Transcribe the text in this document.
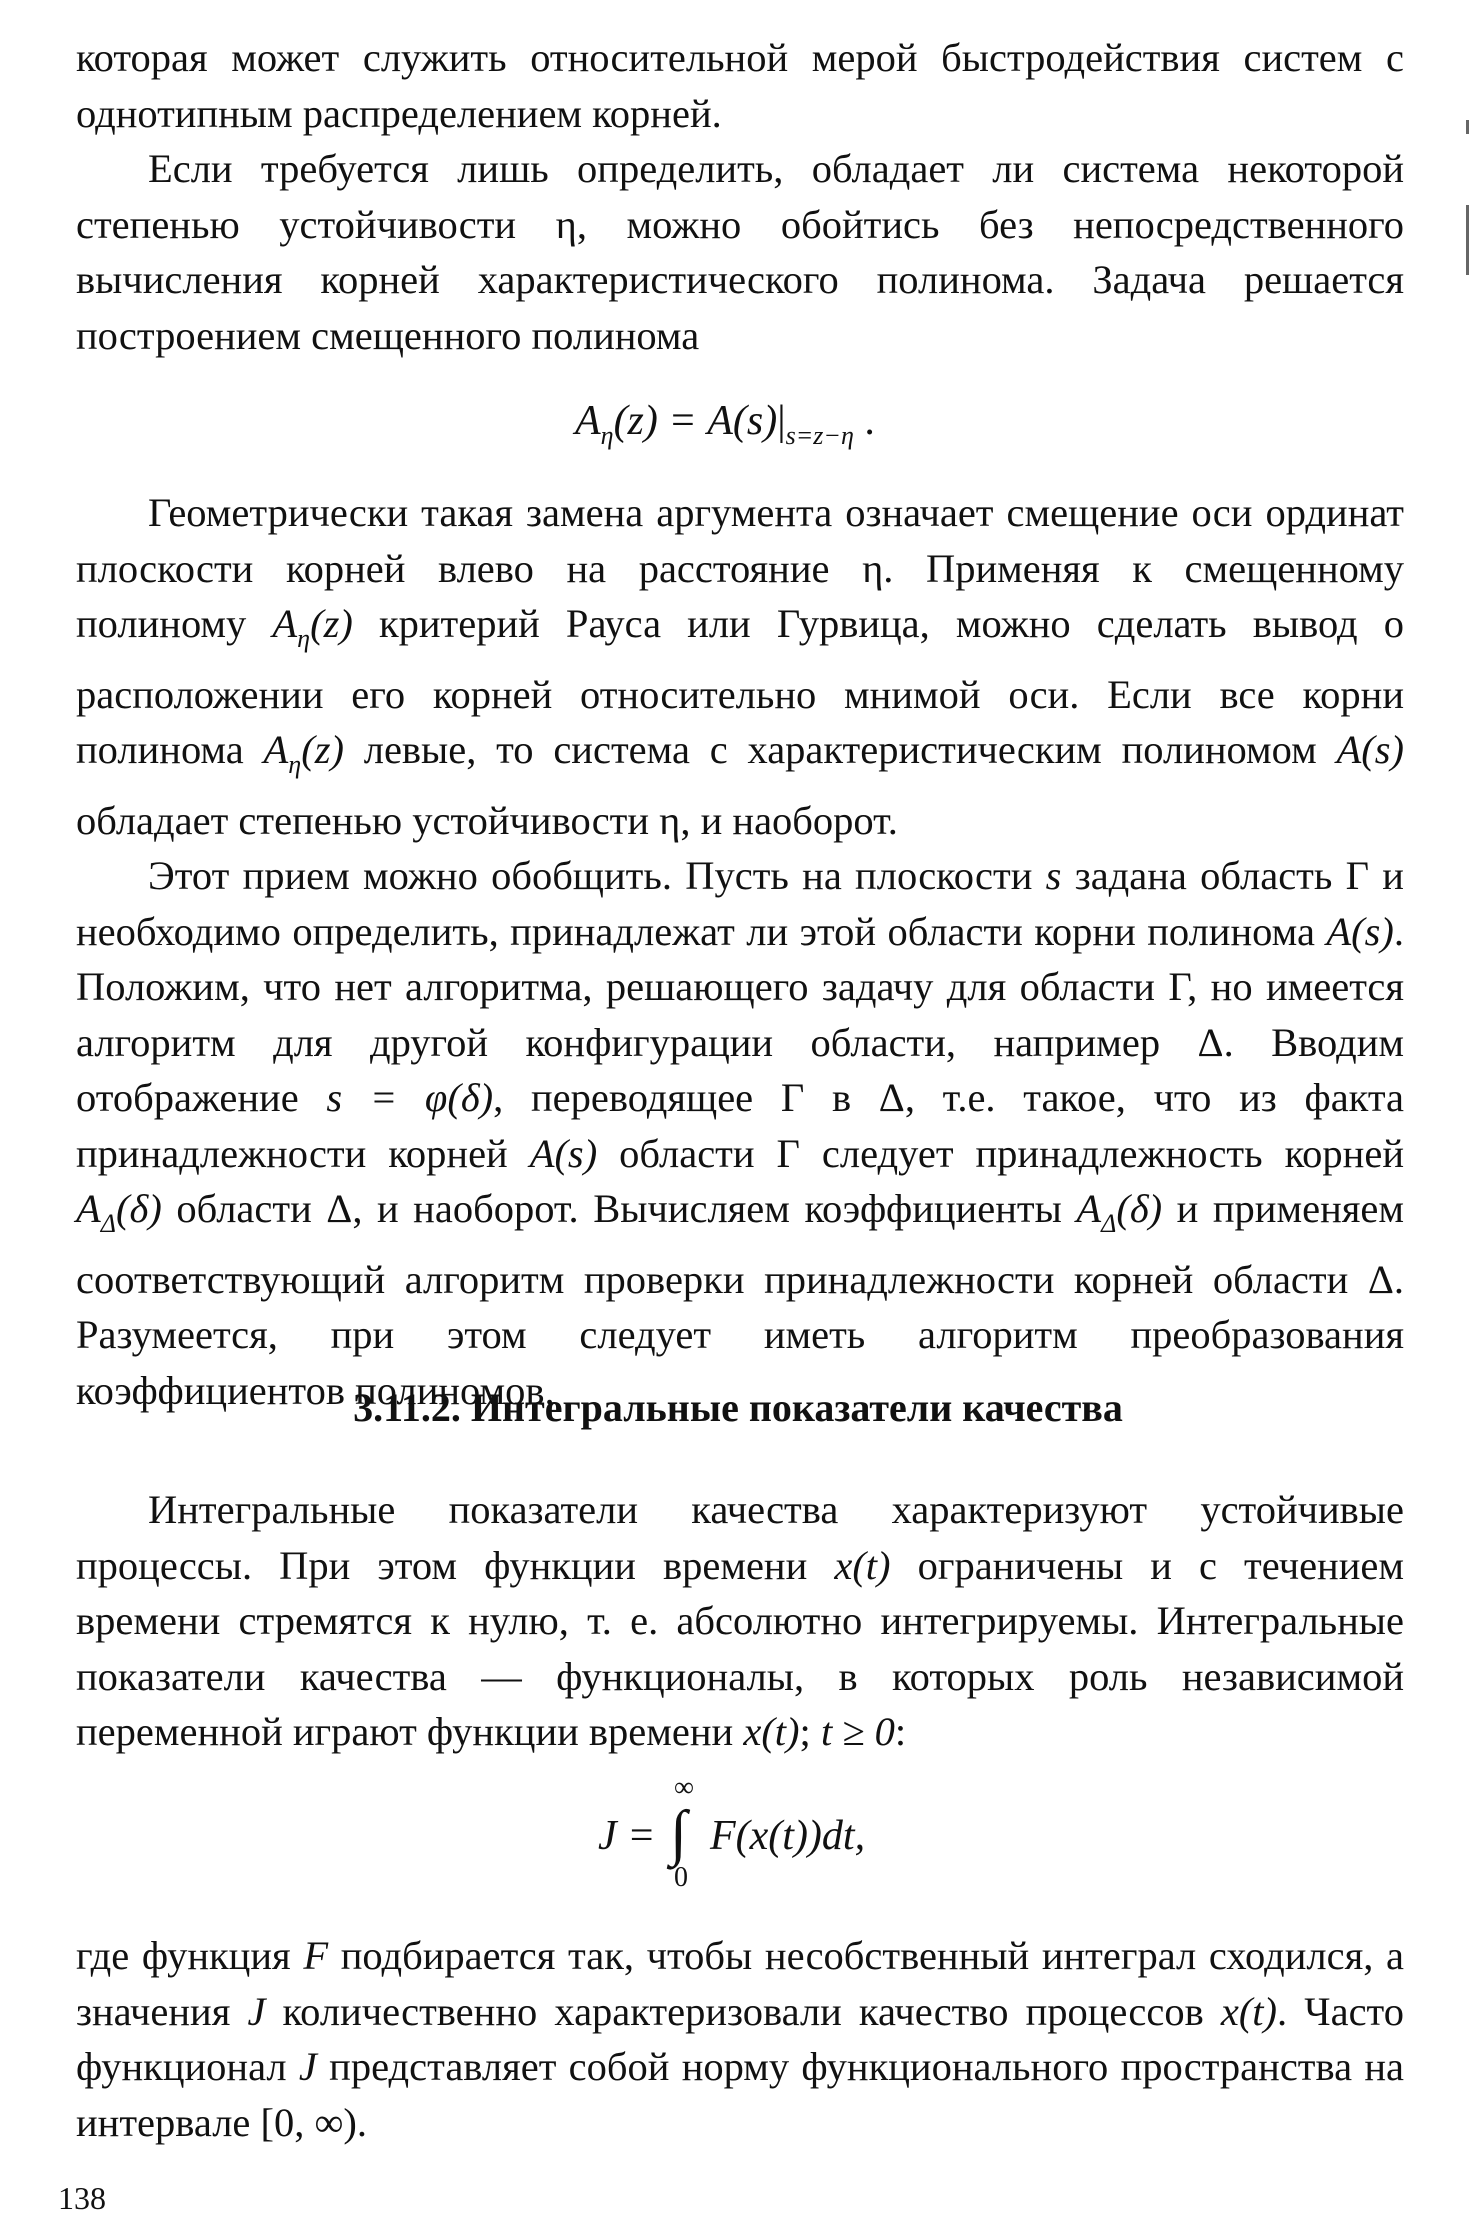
которая может служить относительной мерой быстродействия систем с однотипным распределением корней.

Если требуется лишь определить, обладает ли система некоторой степенью устойчивости η, можно обойтись без непосредственного вычисления корней характеристического полинома. Задача решается построением смещенного полинома

$A_\eta(z) = A(s)|_{s=z-\eta}$ .

Геометрически такая замена аргумента означает смещение оси ординат плоскости корней влево на расстояние η. Применяя к смещенному полиному $A_\eta(z)$ критерий Рауса или Гурвица, можно сделать вывод о расположении его корней относительно мнимой оси. Если все корни полинома $A_\eta(z)$ левые, то система с характеристическим полиномом A(s) обладает степенью устойчивости η, и наоборот.

Этот прием можно обобщить. Пусть на плоскости s задана область Г и необходимо определить, принадлежат ли этой области корни полинома A(s). Положим, что нет алгоритма, решающего задачу для области Г, но имеется алгоритм для другой конфигурации области, например Δ. Вводим отображение s = φ(δ), переводящее Г в Δ, т.е. такое, что из факта принадлежности корней A(s) области Г следует принадлежность корней $A_\Delta(\delta)$ области Δ, и наоборот. Вычисляем коэффициенты $A_\Delta(\delta)$ и применяем соответствующий алгоритм проверки принадлежности корней области Δ. Разумеется, при этом следует иметь алгоритм преобразования коэффициентов полиномов.

3.11.2. Интегральные показатели качества

Интегральные показатели качества характеризуют устойчивые процессы. При этом функции времени x(t) ограничены и с течением времени стремятся к нулю, т. е. абсолютно интегрируемы. Интегральные показатели качества — функционалы, в которых роль независимой переменной играют функции времени x(t); t ≥ 0:

J =
∞
∫
0
F(x(t))dt,

где функция F подбирается так, чтобы несобственный интеграл сходился, а значения J количественно характеризовали качество процессов x(t). Часто функционал J представляет собой норму функционального пространства на интервале [0, ∞).

138
